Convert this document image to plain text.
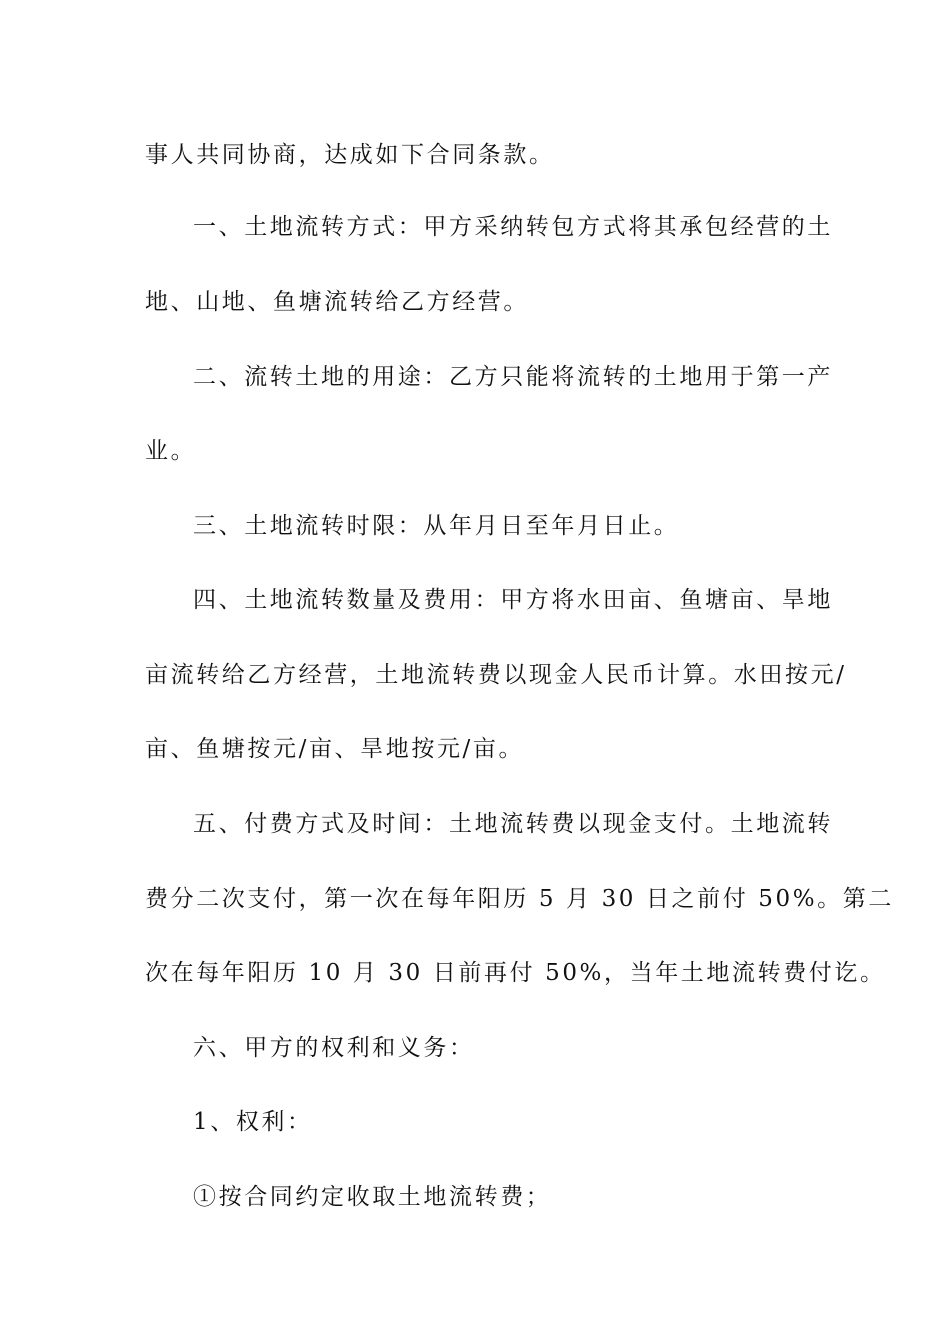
事人共同协商，达成如下合同条款。
一、土地流转方式：甲方采纳转包方式将其承包经营的土
地、山地、鱼塘流转给乙方经营。
二、流转土地的用途：乙方只能将流转的土地用于第一产
业。
三、土地流转时限：从年月日至年月日止。
四、土地流转数量及费用：甲方将水田亩、鱼塘亩、旱地
亩流转给乙方经营，土地流转费以现金人民币计算。水田按元/
亩、鱼塘按元/亩、旱地按元/亩。
五、付费方式及时间：土地流转费以现金支付。土地流转
费分二次支付，第一次在每年阳历 5 月 30 日之前付 50%。第二
次在每年阳历 10 月 30 日前再付 50%，当年土地流转费付讫。
六、甲方的权利和义务：
1、权利：
①按合同约定收取土地流转费；
